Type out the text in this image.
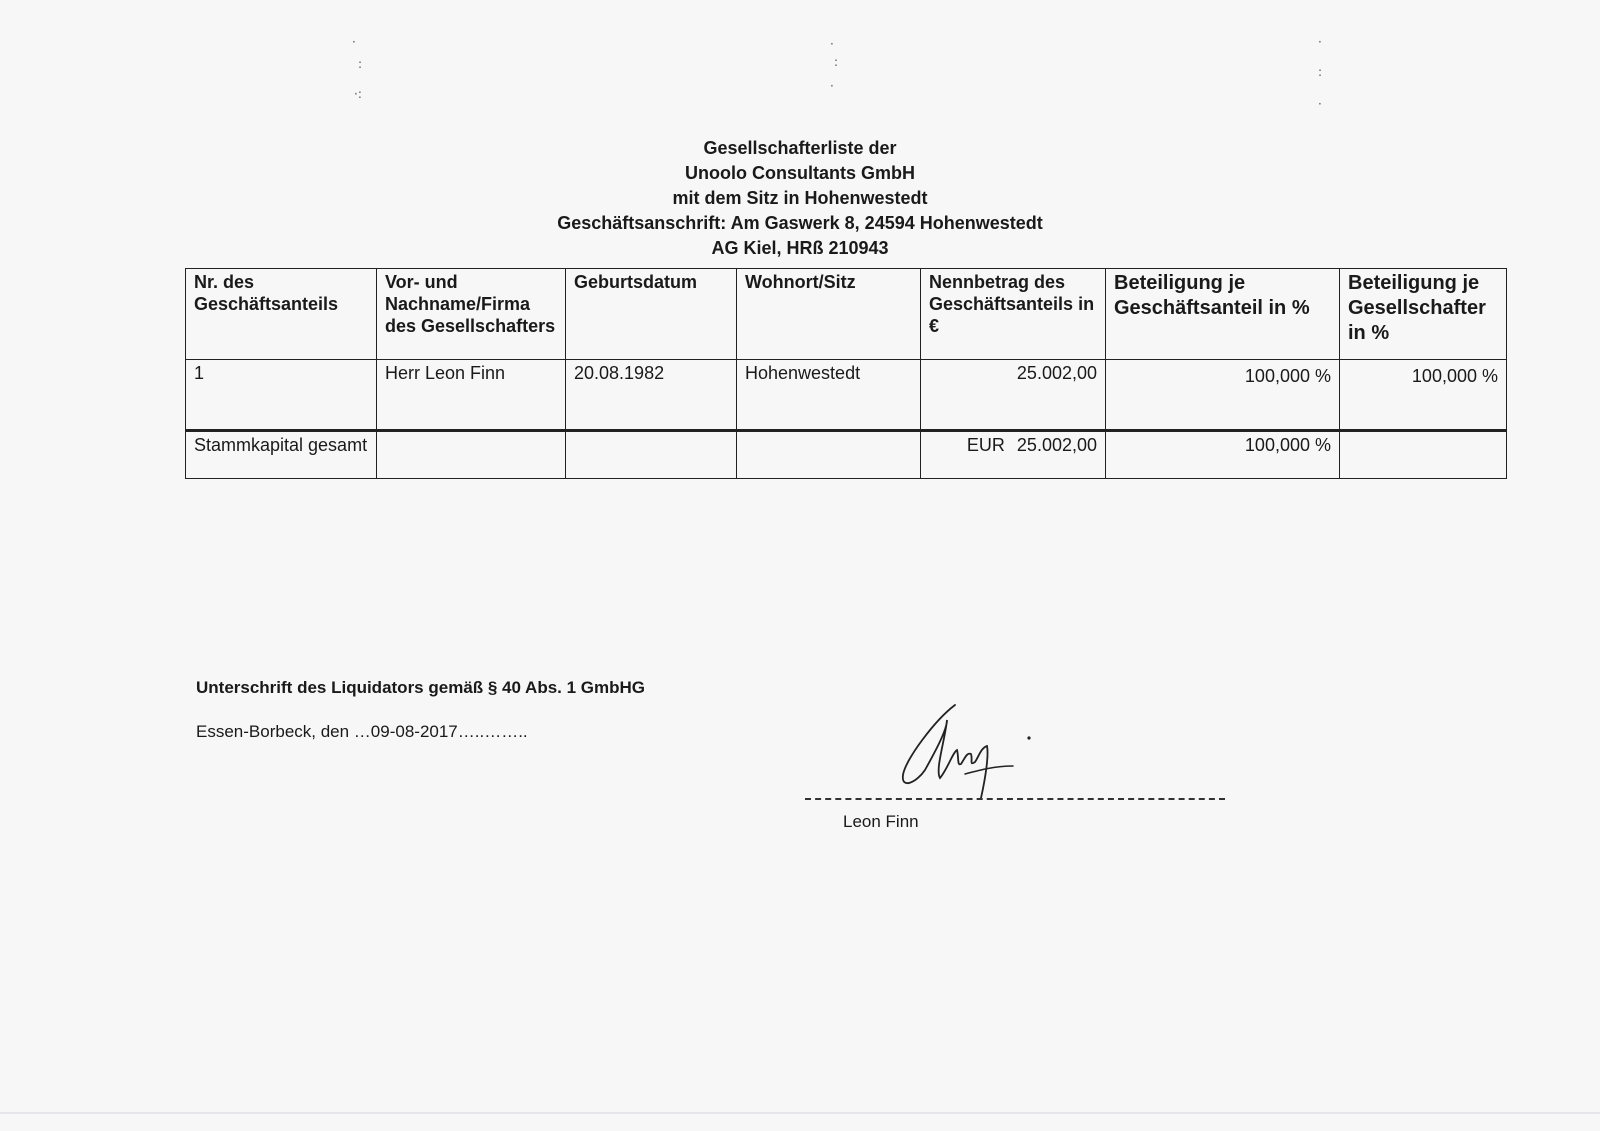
·
:
·:
·
:
·
·
:
·
Gesellschafterliste der
Unoolo Consultants GmbH
mit dem Sitz in Hohenwestedt
Geschäftsanschrift: Am Gaswerk 8, 24594 Hohenwestedt
AG Kiel, HRß 210943
Nr. des Geschäftsanteils	Vor- und Nachname/Firma des Gesellschafters	Geburtsdatum	Wohnort/Sitz	Nennbetrag des Geschäftsanteils in €	Beteiligung je Geschäftsanteil in %	Beteiligung je Gesellschafter in %
1	Herr Leon Finn	20.08.1982	Hohenwestedt	25.002,00	100,000 %	100,000 %
Stammkapital gesamt				EUR 25.002,00	100,000 %	
Unterschrift des Liquidators gemäß § 40 Abs. 1 GmbHG
Essen-Borbeck, den …09-08-2017…..……..
Leon Finn
